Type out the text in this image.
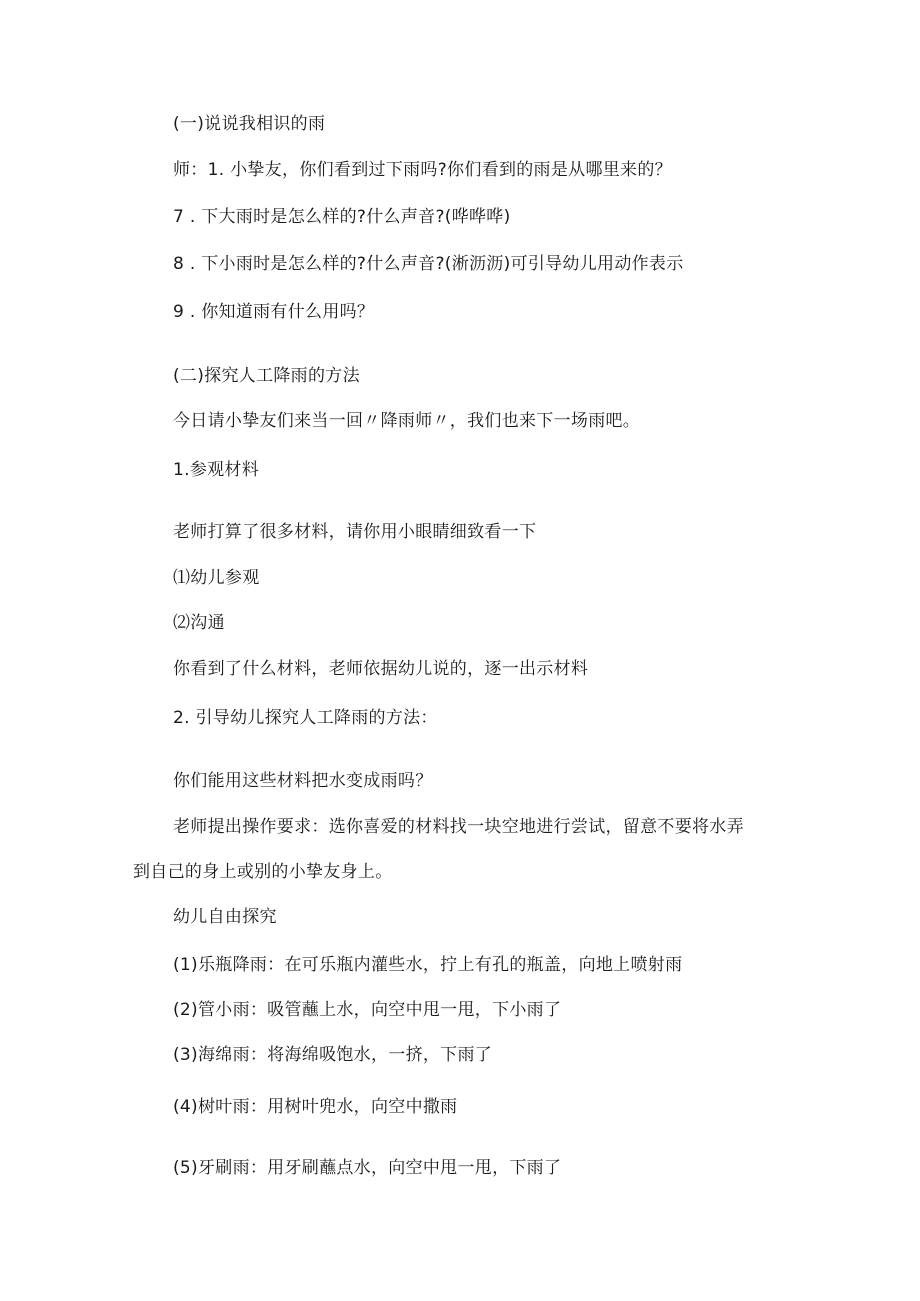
(一)说说我相识的雨
师：1. 小挚友，你们看到过下雨吗?你们看到的雨是从哪里来的？
7 . 下大雨时是怎么样的?什么声音?(哗哗哗)
8 . 下小雨时是怎么样的?什么声音?(淅沥沥)可引导幼儿用动作表示
9 . 你知道雨有什么用吗？
(二)探究人工降雨的方法
今日请小挚友们来当一回〃降雨师〃，我们也来下一场雨吧。
1.参观材料
老师打算了很多材料，请你用小眼睛细致看一下
⑴幼儿参观
⑵沟通
你看到了什么材料，老师依据幼儿说的，逐一出示材料
2. 引导幼儿探究人工降雨的方法：
你们能用这些材料把水变成雨吗？
老师提出操作要求：选你喜爱的材料找一块空地进行尝试，留意不要将水弄
到自己的身上或别的小挚友身上。
幼儿自由探究
(1)乐瓶降雨：在可乐瓶内灌些水，拧上有孔的瓶盖，向地上喷射雨
(2)管小雨：吸管蘸上水，向空中甩一甩，下小雨了
(3)海绵雨：将海绵吸饱水，一挤，下雨了
(4)树叶雨：用树叶兜水，向空中撒雨
(5)牙刷雨：用牙刷蘸点水，向空中甩一甩，下雨了
